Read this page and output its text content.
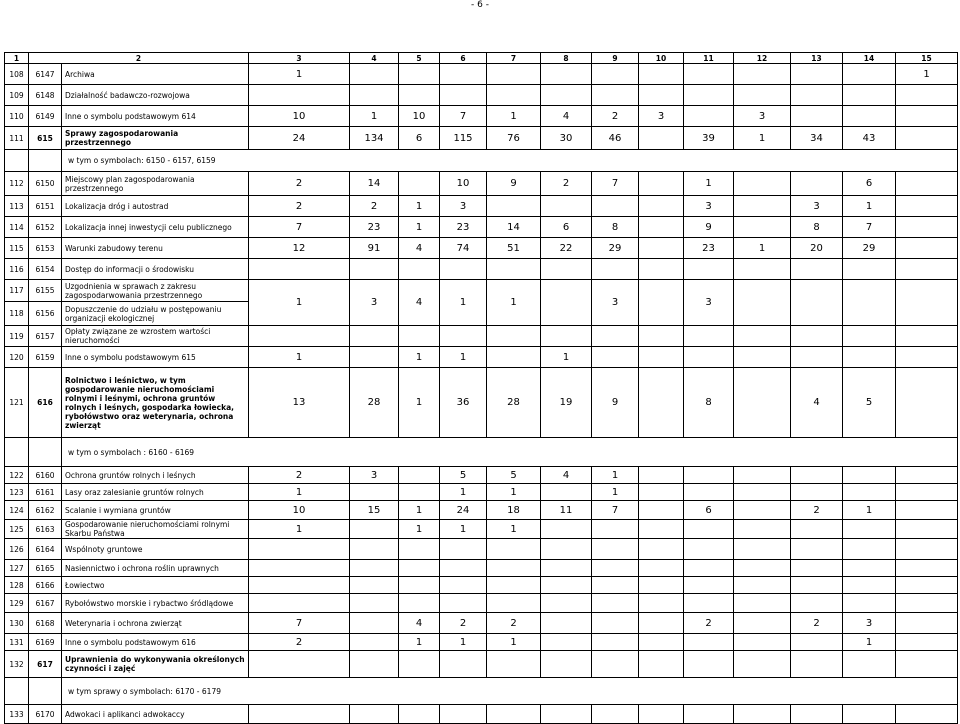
- 6 -
1	2		3	4	5	6	7	8	9	10	11	12	13	14	15	
108	6147	Archiwa	1												1	
109	6148	Działalność badawczo-rozwojowa														
110	6149	Inne o symbolu podstawowym 614	10	1	10	7	1	4	2	3		3				
111	615	Sprawy zagospodarowania przestrzennego	24	134	6	115	76	30	46		39	1	34	43		
		w tym o symbolach: 6150 - 6157, 6159														
112	6150	Miejscowy plan zagospodarowania przestrzennego	2	14		10	9	2	7		1			6		
113	6151	Lokalizacja dróg i autostrad	2	2	1	3					3		3	1		
114	6152	Lokalizacja innej inwestycji celu publicznego	7	23	1	23	14	6	8		9		8	7		
115	6153	Warunki zabudowy terenu	12	91	4	74	51	22	29		23	1	20	29		
116	6154	Dostęp do informacji o środowisku														
117	6155	Uzgodnienia w sprawach z zakresu zagospodarwowania przestrzennego	1	3	4	1	1		3		3					
118	6156	Dopuszczenie do udziału w postępowaniu organizacji ekologicznej														
119	6157	Opłaty związane ze wzrostem wartości nieruchomości														
120	6159	Inne o symbolu podstawowym 615	1		1	1		1								
121	616	Rolnictwo i leśnictwo, w tym gospodarowanie nieruchomościami rolnymi i leśnymi, ochrona gruntów rolnych i leśnych, gospodarka łowiecka, rybołówstwo oraz weterynaria, ochrona zwierząt	13	28	1	36	28	19	9		8		4	5		
		w tym o symbolach : 6160 - 6169														
122	6160	Ochrona gruntów rolnych i leśnych	2	3		5	5	4	1							
123	6161	Lasy oraz zalesianie gruntów rolnych	1			1	1		1							
124	6162	Scalanie i wymiana gruntów	10	15	1	24	18	11	7		6		2	1		
125	6163	Gospodarowanie nieruchomościami rolnymi Skarbu Państwa	1		1	1	1									
126	6164	Wspólnoty gruntowe														
127	6165	Nasiennictwo i ochrona roślin uprawnych														
128	6166	Łowiectwo														
129	6167	Rybołówstwo morskie i rybactwo śródlądowe														
130	6168	Weterynaria i ochrona zwierząt	7		4	2	2				2		2	3		
131	6169	Inne o symbolu podstawowym 616	2		1	1	1							1		
132	617	Uprawnienia do wykonywania określonych czynności i zajęć														
		w tym sprawy o symbolach: 6170 - 6179														
133	6170	Adwokaci i aplikanci adwokaccy														
